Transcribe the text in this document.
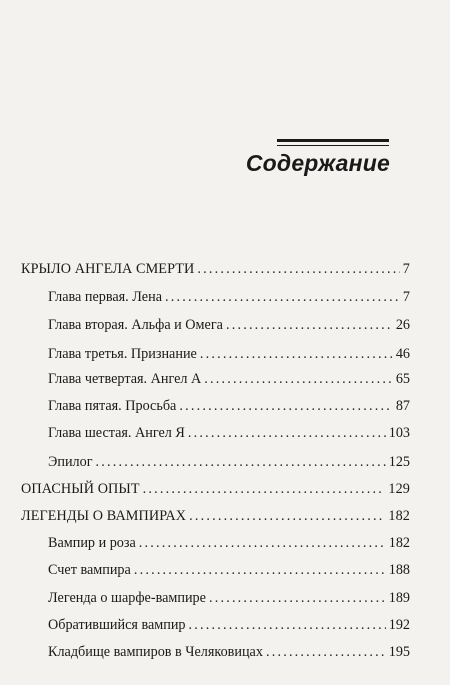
Содержание
КРЫЛО АНГЕЛА СМЕРТИ .....	7
Глава первая. Лена .....	7
Глава вторая. Альфа и Омега .....	26
Глава третья. Признание .....	46
Глава четвертая. Ангел А .....	65
Глава пятая. Просьба .....	87
Глава шестая. Ангел Я .....	103
Эпилог .....	125
ОПАСНЫЙ ОПЫТ .....	129
ЛЕГЕНДЫ О ВАМПИРАХ .....	182
Вампир и роза .....	182
Счет вампира .....	188
Легенда о шарфе-вампире .....	189
Обратившийся вампир .....	192
Кладбище вампиров в Челяковицах .....	195
